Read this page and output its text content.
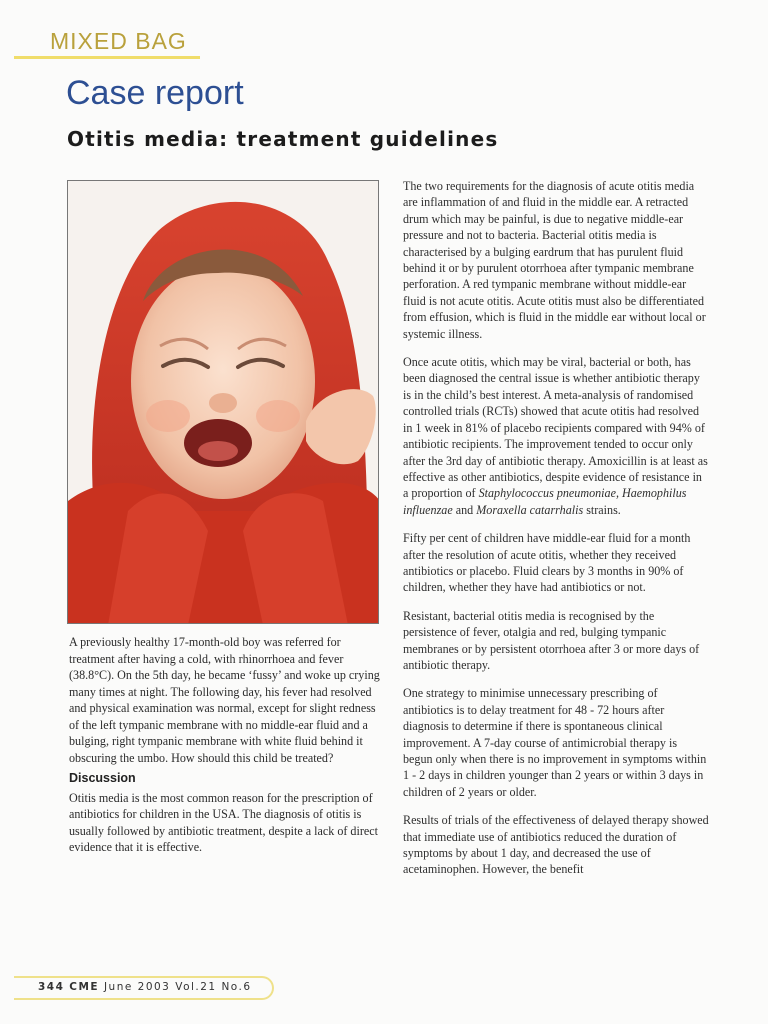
MIXED BAG
Case report
Otitis media: treatment guidelines

A previously healthy 17-month-old boy was referred for treatment after having a cold, with rhinorrhoea and fever (38.8°C). On the 5th day, he became ‘fussy’ and woke up crying many times at night. The following day, his fever had resolved and physical examination was normal, except for slight redness of the left tympanic membrane with no middle-ear fluid and a bulging, right tympanic membrane with white fluid behind it obscuring the umbo. How should this child be treated?

Discussion

Otitis media is the most common reason for the prescription of antibiotics for children in the USA. The diagnosis of otitis is usually followed by antibiotic treatment, despite a lack of direct evidence that it is effective.

The two requirements for the diagnosis of acute otitis media are inflammation of and fluid in the middle ear. A retracted drum which may be painful, is due to negative middle-ear pressure and not to bacteria. Bacterial otitis media is characterised by a bulging eardrum that has purulent fluid behind it or by purulent otorrhoea after tympanic membrane perforation. A red tympanic membrane without middle-ear fluid is not acute otitis. Acute otitis must also be differentiated from effusion, which is fluid in the middle ear without local or systemic illness.

Once acute otitis, which may be viral, bacterial or both, has been diagnosed the central issue is whether antibiotic therapy is in the child’s best interest. A meta-analysis of randomised controlled trials (RCTs) showed that acute otitis had resolved in 1 week in 81% of placebo recipients compared with 94% of antibiotic recipients. The improvement tended to occur only after the 3rd day of antibiotic therapy. Amoxicillin is at least as effective as other antibiotics, despite evidence of resistance in a proportion of Staphylococcus pneumoniae, Haemophilus influenzae and Moraxella catarrhalis strains.

Fifty per cent of children have middle-ear fluid for a month after the resolution of acute otitis, whether they received antibiotics or placebo. Fluid clears by 3 months in 90% of children, whether they have had antibiotics or not.

Resistant, bacterial otitis media is recognised by the persistence of fever, otalgia and red, bulging tympanic membranes or by persistent otorrhoea after 3 or more days of antibiotic therapy.

One strategy to minimise unnecessary prescribing of antibiotics is to delay treatment for 48 - 72 hours after diagnosis to determine if there is spontaneous clinical improvement. A 7-day course of antimicrobial therapy is begun only when there is no improvement in symptoms within 1 - 2 days in children younger than 2 years or within 3 days in children of 2 years or older.

Results of trials of the effectiveness of delayed therapy showed that immediate use of antibiotics reduced the duration of symptoms by about 1 day, and decreased the use of acetaminophen. However, the benefit

344 CME June 2003 Vol.21 No.6
